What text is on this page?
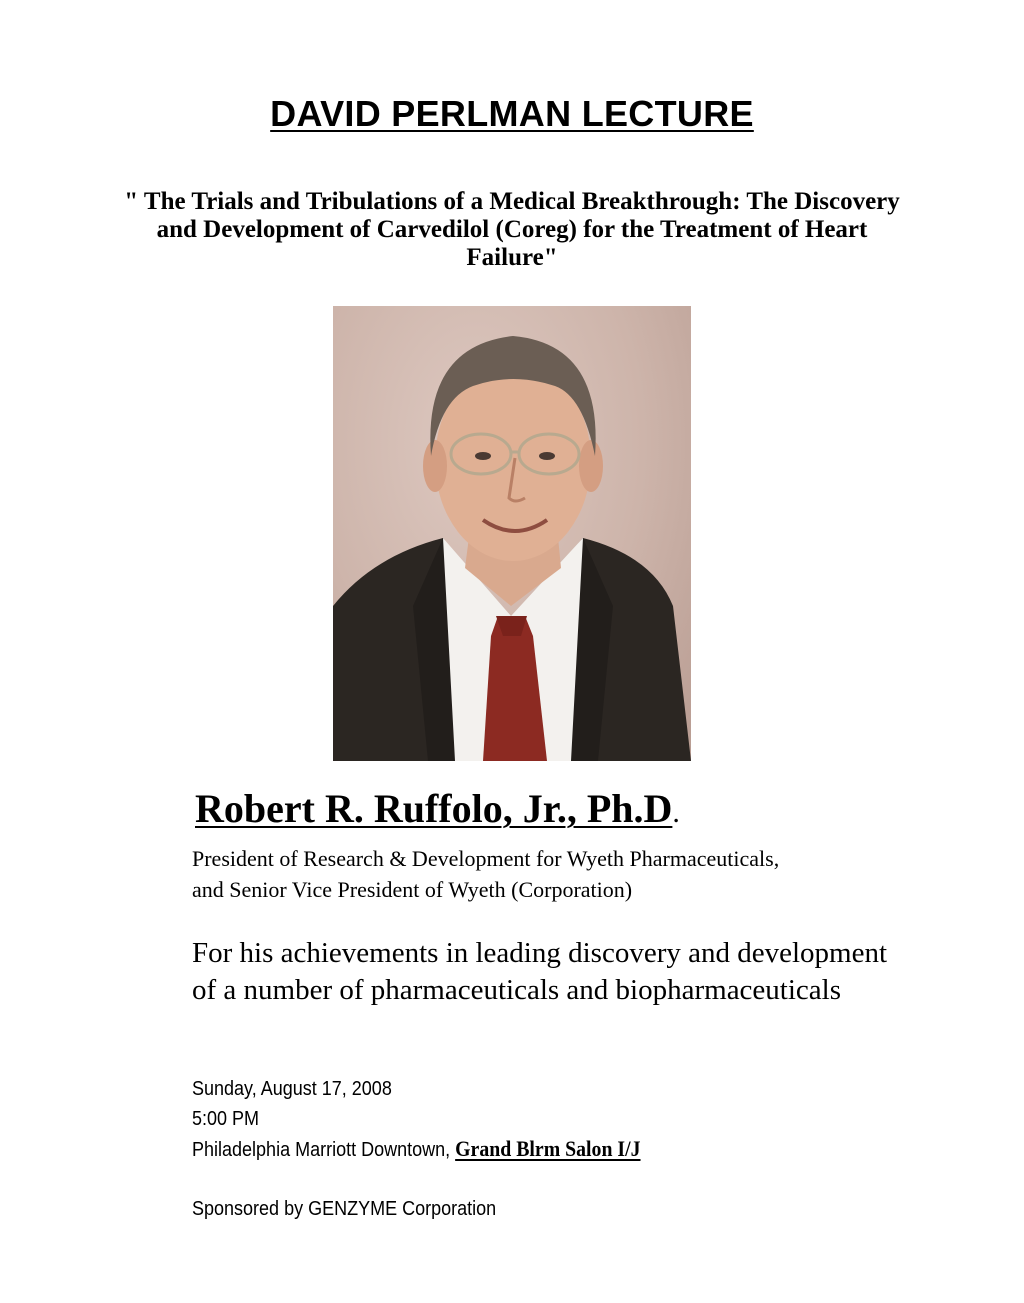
DAVID PERLMAN LECTURE
" The Trials and Tribulations of a Medical Breakthrough: The Discovery and Development of Carvedilol (Coreg) for the Treatment of Heart Failure"
Robert R. Ruffolo, Jr., Ph.D.
President of Research & Development for Wyeth Pharmaceuticals,
and Senior Vice President of Wyeth (Corporation)
For his achievements in leading discovery and development of a number of pharmaceuticals and biopharmaceuticals
Sunday, August 17, 2008
5:00 PM
Philadelphia Marriott Downtown, Grand Blrm Salon I/J
Sponsored by GENZYME Corporation
